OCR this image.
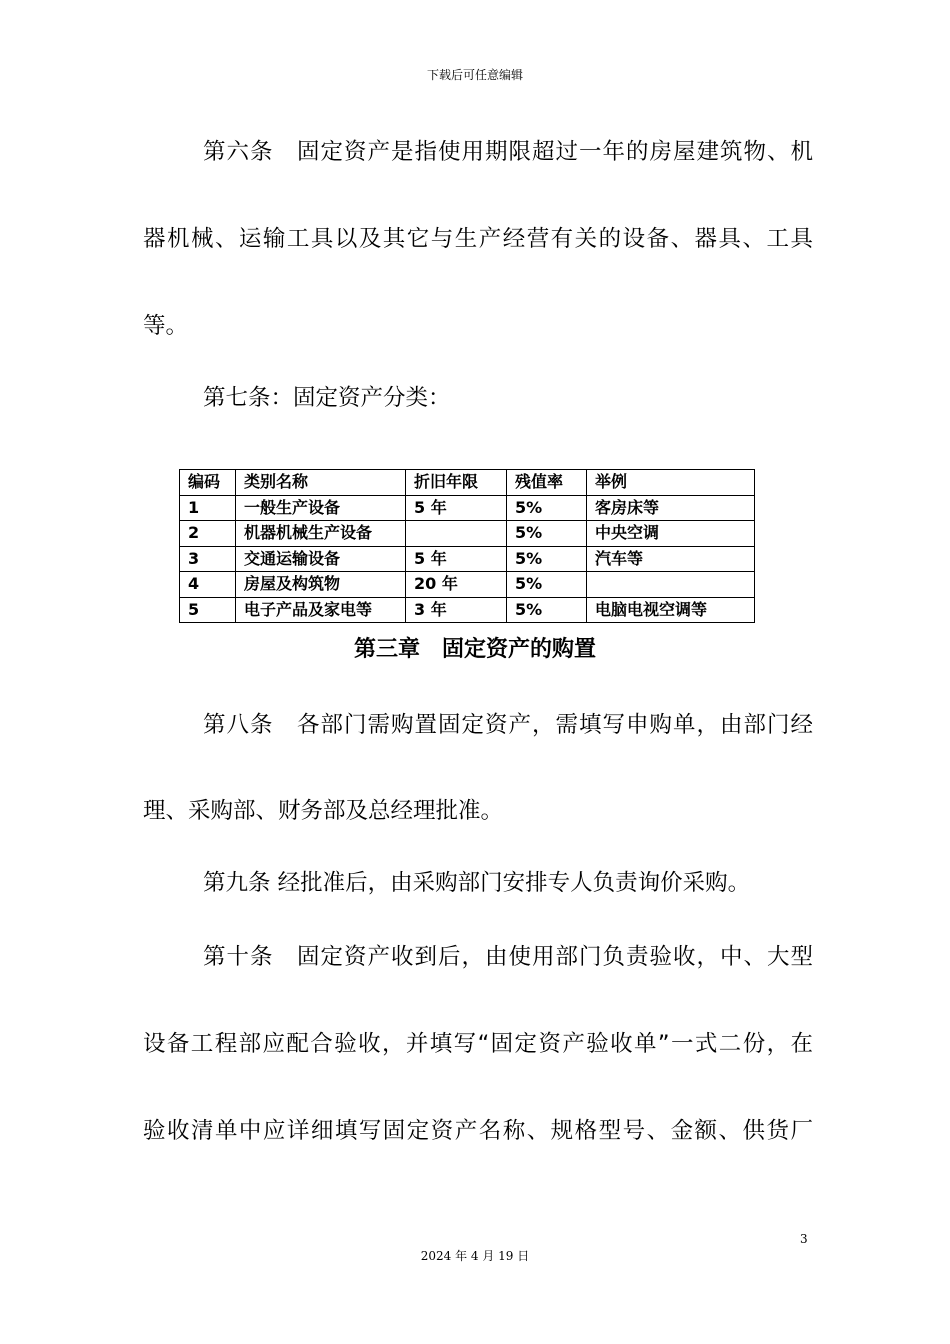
下载后可任意编辑
第六条　固定资产是指使用期限超过一年的房屋建筑物、机
器机械、运输工具以及其它与生产经营有关的设备、器具、工具
等。
第七条：固定资产分类：
编码	类别名称	折旧年限	残值率	举例
1	一般生产设备	5 年	5%	客房床等
2	机器机械生产设备		5%	中央空调
3	交通运输设备	5 年	5%	汽车等
4	房屋及构筑物	20 年	5%	
5	电子产品及家电等	3 年	5%	电脑电视空调等
第三章　固定资产的购置
第八条　各部门需购置固定资产，需填写申购单，由部门经
理、采购部、财务部及总经理批准。
第九条 经批准后，由采购部门安排专人负责询价采购。
第十条　固定资产收到后，由使用部门负责验收，中、大型
设备工程部应配合验收，并填写“固定资产验收单”一式二份，在
验收清单中应详细填写固定资产名称、规格型号、金额、供货厂
3
2024 年 4 月 19 日
